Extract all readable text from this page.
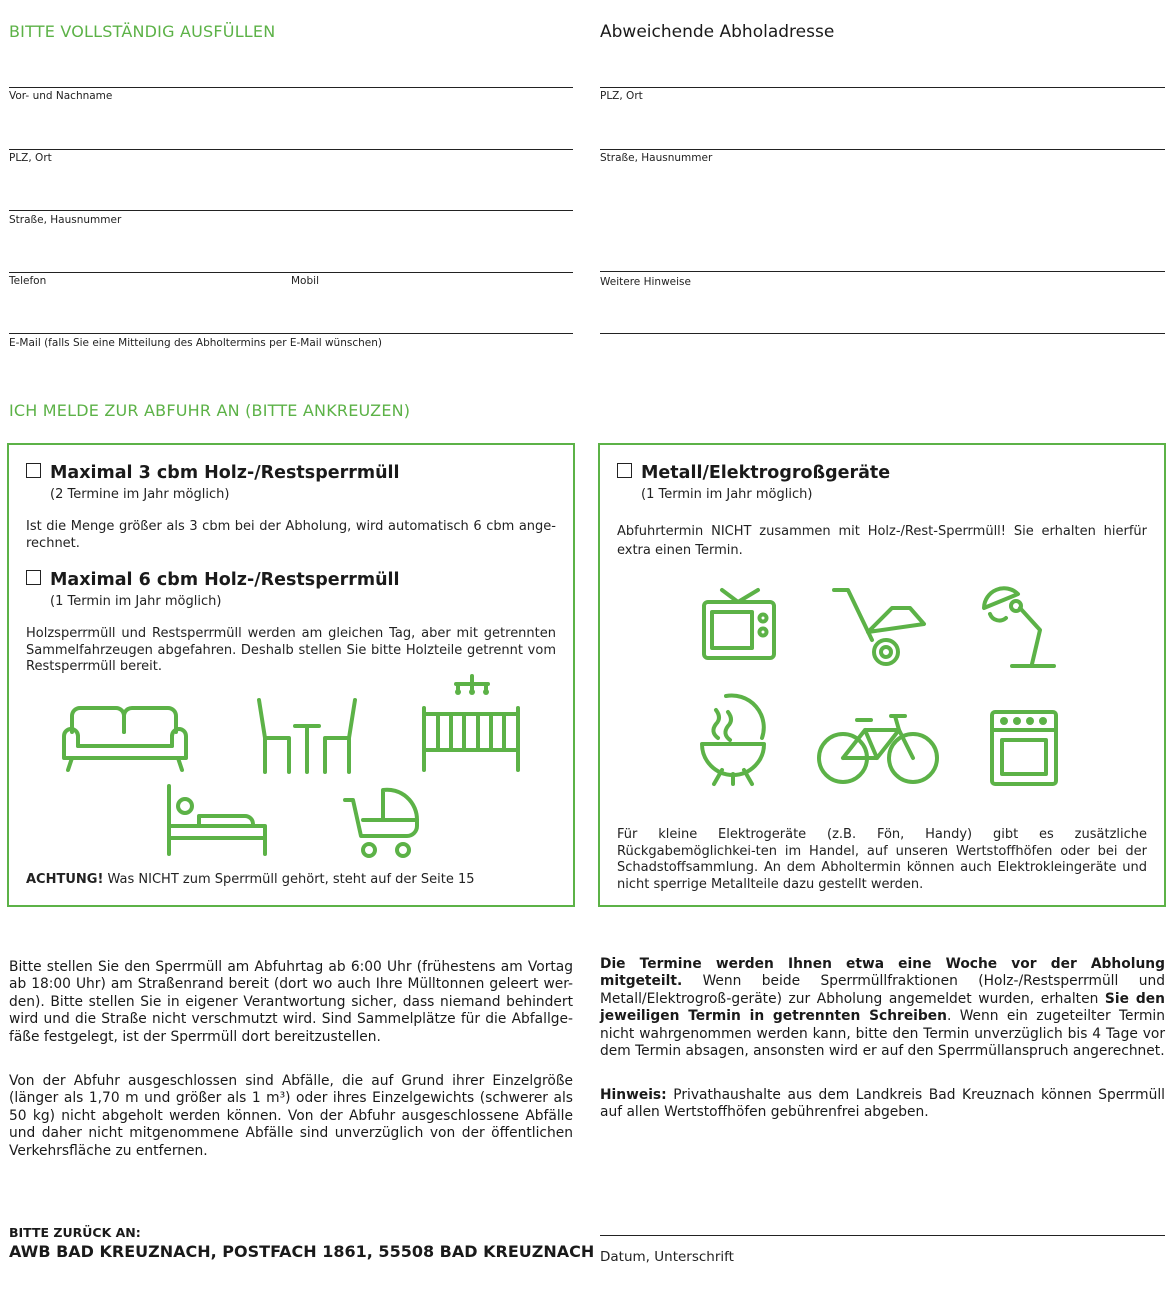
BITTE VOLLSTÄNDIG AUSFÜLLEN
Vor- und Nachname
PLZ, Ort
Straße, Hausnummer
Telefon	Mobil
E-Mail (falls Sie eine Mitteilung des Abholtermins per E-Mail wünschen)
Abweichende Abholadresse
PLZ, Ort
Straße, Hausnummer
Weitere Hinweise
ICH MELDE ZUR ABFUHR AN (BITTE ANKREUZEN)
Maximal 3 cbm Holz-/Restsperrmüll
(2 Termine im Jahr möglich)
Ist die Menge größer als 3 cbm bei der Abholung, wird automatisch 6 cbm ange-rechnet.
Maximal 6 cbm Holz-/Restsperrmüll
(1 Termin im Jahr möglich)
Holzsperrmüll und Restsperrmüll werden am gleichen Tag, aber mit getrennten Sammelfahrzeugen abgefahren. Deshalb stellen Sie bitte Holzteile getrennt vom Restsperrmüll bereit.
ACHTUNG! Was NICHT zum Sperrmüll gehört, steht auf der Seite 15
Metall/Elektrogroßgeräte
(1 Termin im Jahr möglich)
Abfuhrtermin NICHT zusammen mit Holz-/Rest-Sperrmüll! Sie erhalten hierfür extra einen Termin.
Für kleine Elektrogeräte (z.B. Fön, Handy) gibt es zusätzliche Rückgabemöglichkei-ten im Handel, auf unseren Wertstoffhöfen oder bei der Schadstoffsammlung. An dem Abholtermin können auch Elektrokleingeräte und nicht sperrige Metallteile dazu gestellt werden.
Bitte stellen Sie den Sperrmüll am Abfuhrtag ab 6:00 Uhr (frühestens am Vortag ab 18:00 Uhr) am Straßenrand bereit (dort wo auch Ihre Mülltonnen geleert wer-den). Bitte stellen Sie in eigener Verantwortung sicher, dass niemand behindert wird und die Straße nicht verschmutzt wird. Sind Sammelplätze für die Abfallge-fäße festgelegt, ist der Sperrmüll dort bereitzustellen.
Von der Abfuhr ausgeschlossen sind Abfälle, die auf Grund ihrer Einzelgröße (länger als 1,70 m und größer als 1 m³) oder ihres Einzelgewichts (schwerer als 50 kg) nicht abgeholt werden können. Von der Abfuhr ausgeschlossene Abfälle und daher nicht mitgenommene Abfälle sind unverzüglich von der öffentlichen Verkehrsfläche zu entfernen.
Die Termine werden Ihnen etwa eine Woche vor der Abholung mitgeteilt. Wenn beide Sperrmüllfraktionen (Holz-/Restsperrmüll und Metall/Elektrogroß-geräte) zur Abholung angemeldet wurden, erhalten Sie den jeweiligen Termin in getrennten Schreiben. Wenn ein zugeteilter Termin nicht wahrgenommen werden kann, bitte den Termin unverzüglich bis 4 Tage vor dem Termin absagen, ansonsten wird er auf den Sperrmüllanspruch angerechnet.
Hinweis: Privathaushalte aus dem Landkreis Bad Kreuznach können Sperrmüll auf allen Wertstoffhöfen gebührenfrei abgeben.
BITTE ZURÜCK AN:
AWB BAD KREUZNACH, POSTFACH 1861, 55508 BAD KREUZNACH Datum, Unterschrift
